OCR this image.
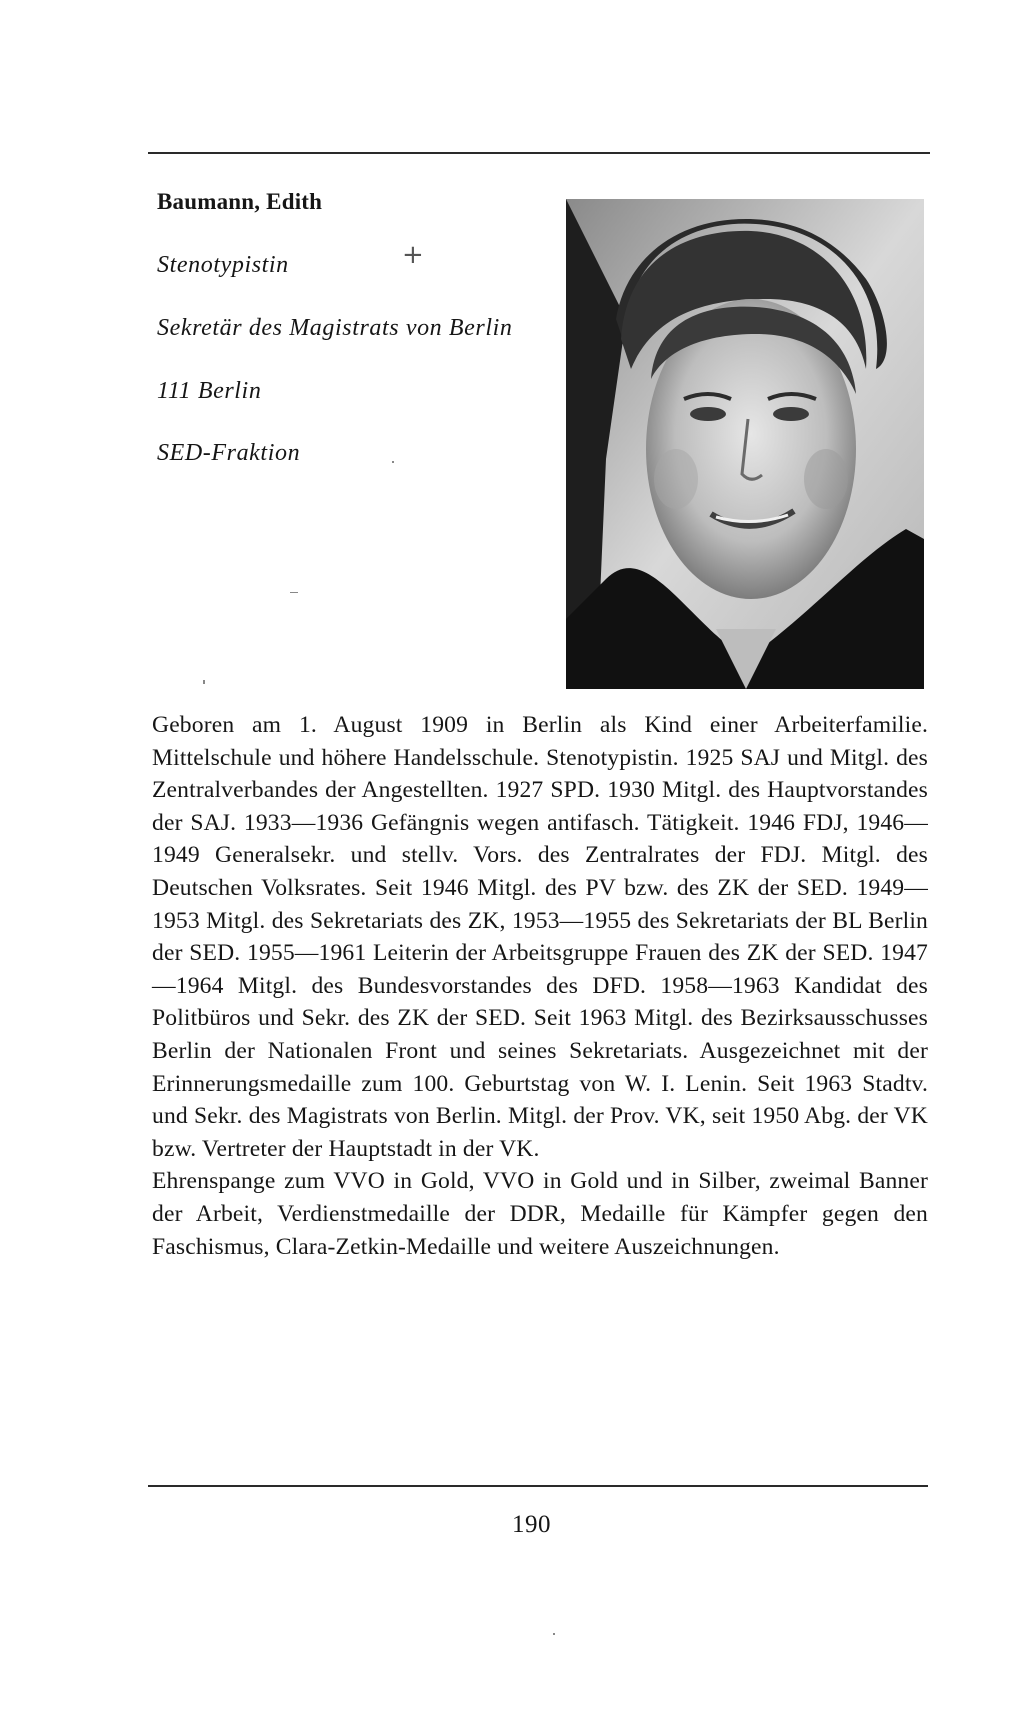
Baumann, Edith
Stenotypistin
Sekretär des Magistrats von Berlin
111 Berlin
SED-Fraktion
+

Geboren am 1. August 1909 in Berlin als Kind einer Arbeiterfamilie. Mittelschule und höhere Handelsschule. Stenotypistin. 1925 SAJ und Mitgl. des Zentralverbandes der Angestellten. 1927 SPD. 1930 Mitgl. des Hauptvorstandes der SAJ. 1933—1936 Gefängnis wegen antifasch. Tätigkeit. 1946 FDJ, 1946—1949 Generalsekr. und stellv. Vors. des Zentralrates der FDJ. Mitgl. des Deutschen Volksrates. Seit 1946 Mitgl. des PV bzw. des ZK der SED. 1949—1953 Mitgl. des Sekretariats des ZK, 1953—1955 des Sekretariats der BL Berlin der SED. 1955—1961 Leiterin der Arbeitsgruppe Frauen des ZK der SED. 1947—1964 Mitgl. des Bundesvorstandes des DFD. 1958—1963 Kandidat des Politbüros und Sekr. des ZK der SED. Seit 1963 Mitgl. des Bezirksausschusses Berlin der Nationalen Front und seines Sekretariats. Ausgezeichnet mit der Erinnerungsmedaille zum 100. Geburtstag von W. I. Lenin. Seit 1963 Stadtv. und Sekr. des Magistrats von Berlin. Mitgl. der Prov. VK, seit 1950 Abg. der VK bzw. Vertreter der Hauptstadt in der VK.

Ehrenspange zum VVO in Gold, VVO in Gold und in Silber, zweimal Banner der Arbeit, Verdienstmedaille der DDR, Medaille für Kämpfer gegen den Faschismus, Clara-Zetkin-Medaille und weitere Auszeichnungen.

190
